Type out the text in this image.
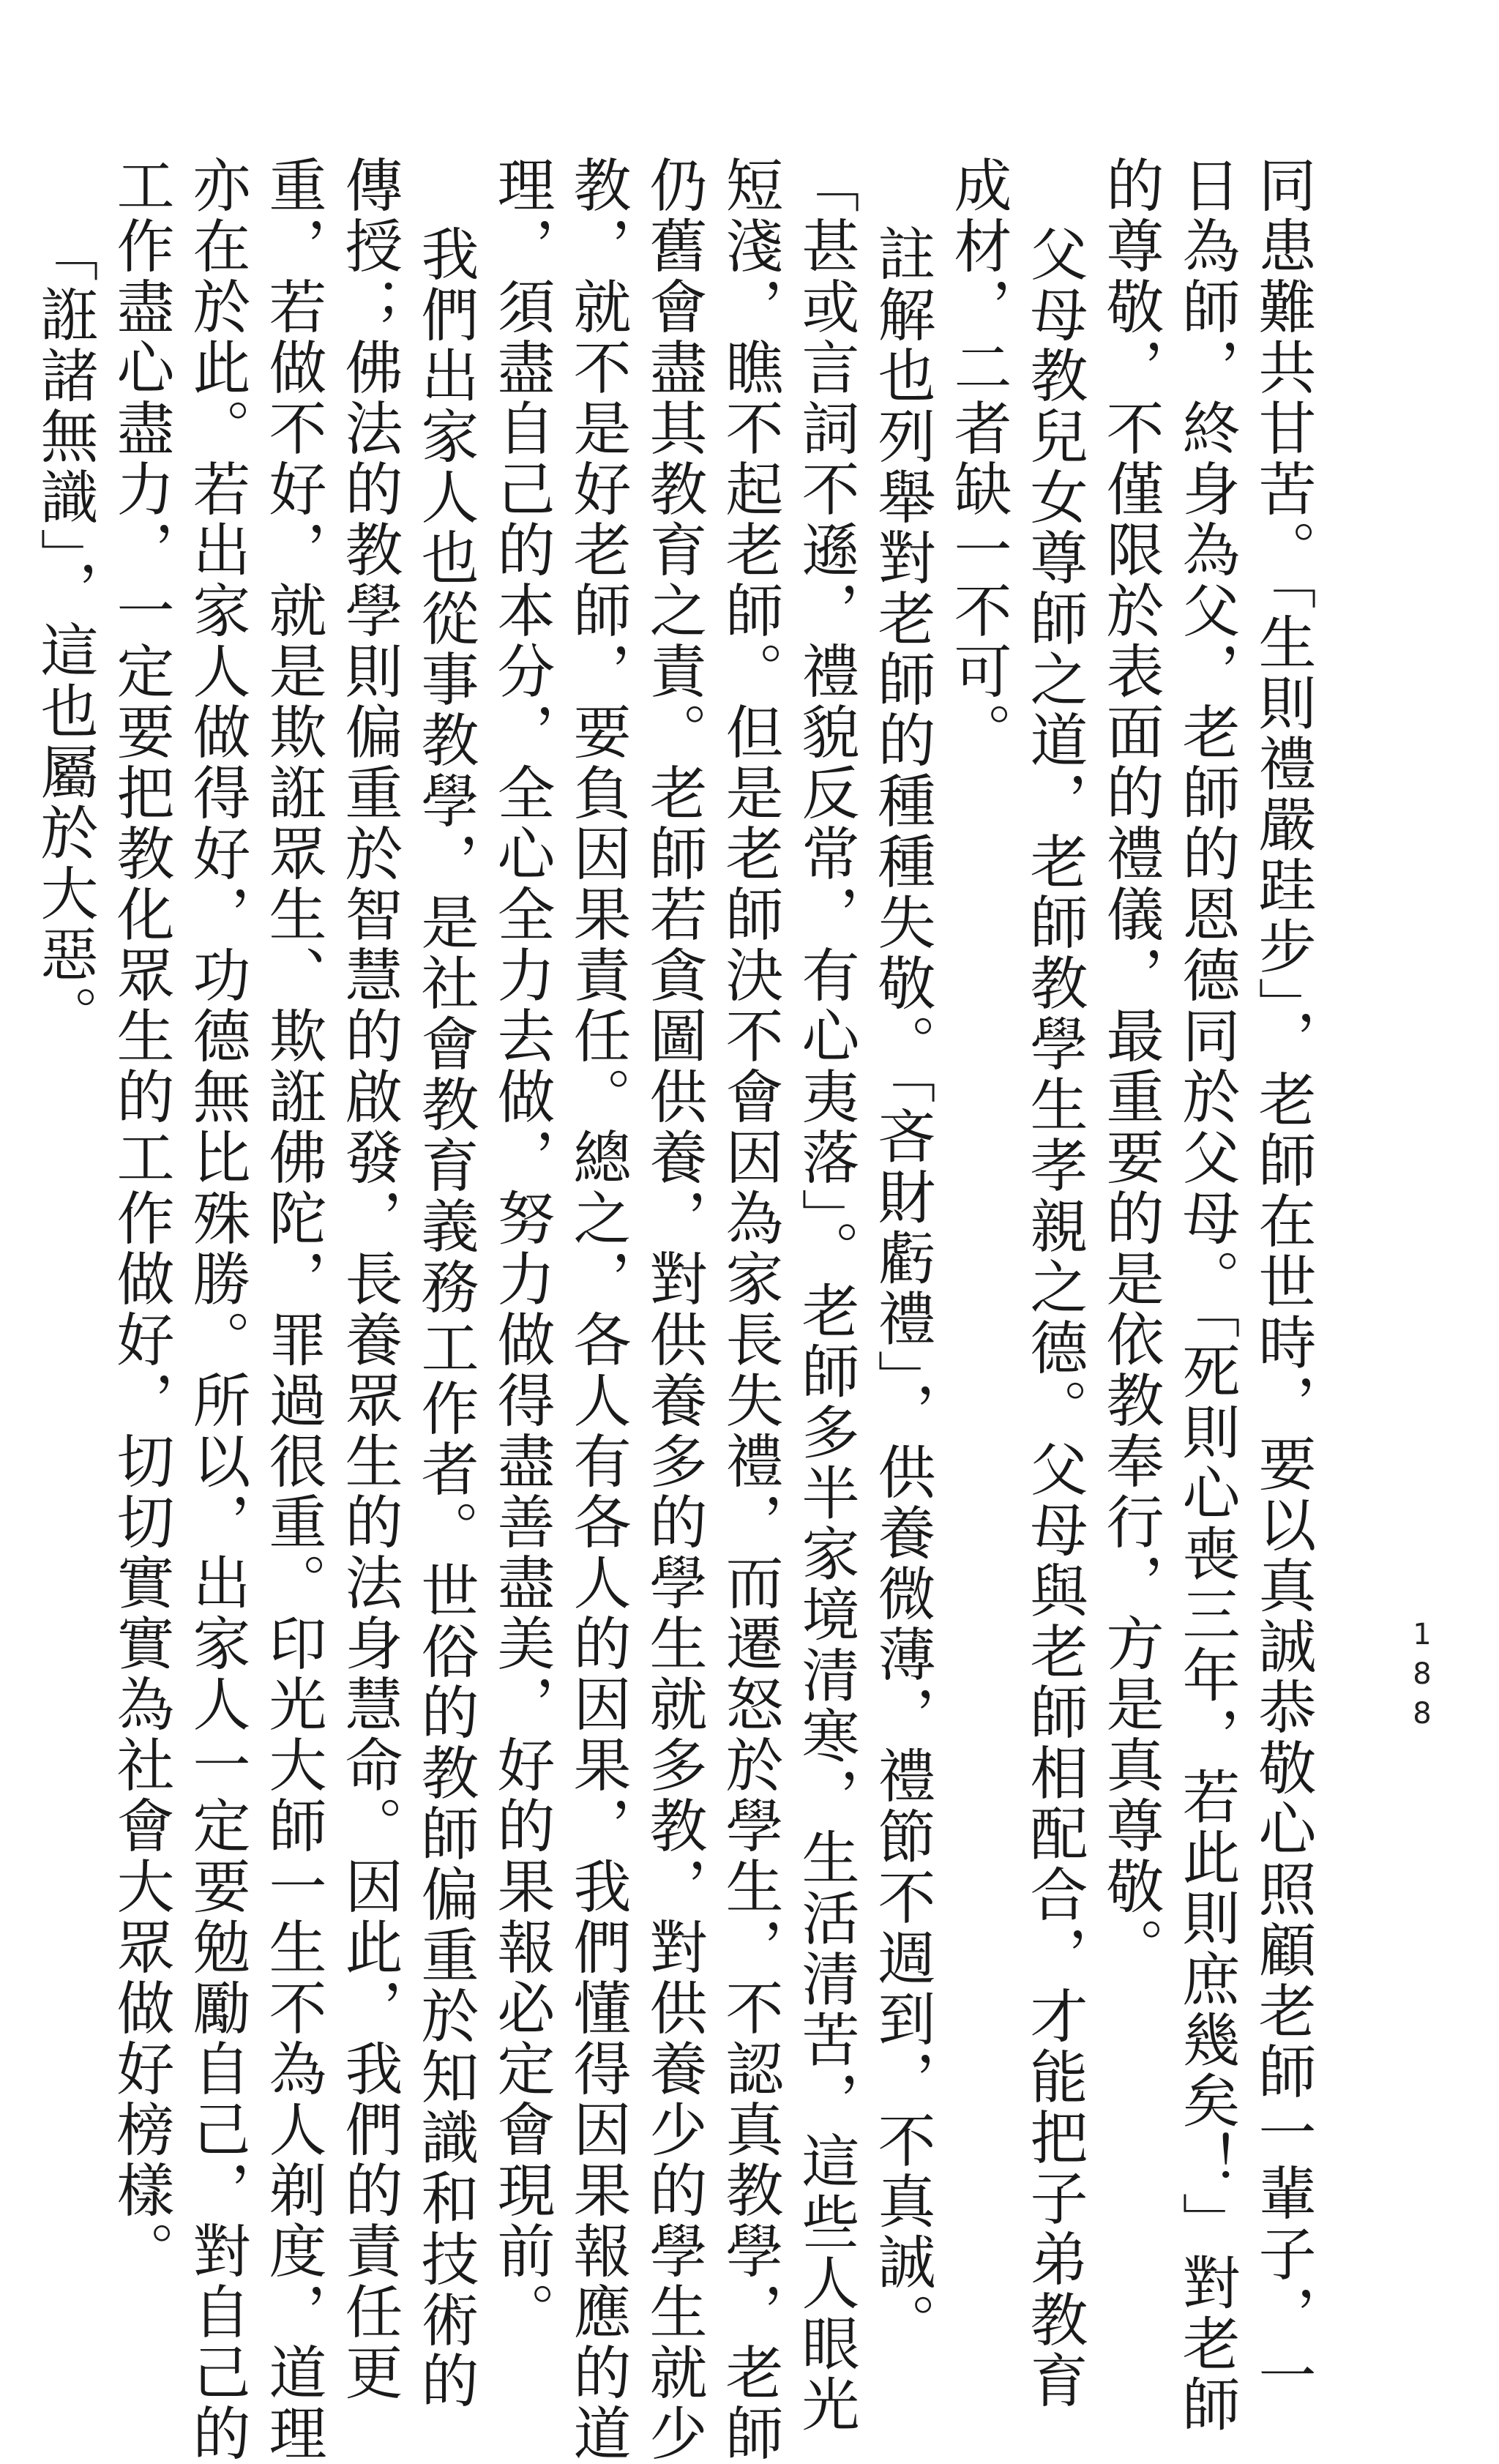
188

同患難共甘苦。「生則禮嚴跬步」，老師在世時，要以真誠恭敬心照顧老師一輩子，一

日為師，終身為父，老師的恩德同於父母。「死則心喪三年，若此則庶幾矣！」對老師

的尊敬，不僅限於表面的禮儀，最重要的是依教奉行，方是真尊敬。

父母教兒女尊師之道，老師教學生孝親之德。父母與老師相配合，才能把子弟教育

成材，二者缺一不可。

註解也列舉對老師的種種失敬。「吝財虧禮」，供養微薄，禮節不週到，不真誠。

「甚或言詞不遜，禮貌反常，有心夷落」。老師多半家境清寒，生活清苦，這些人眼光

短淺，瞧不起老師。但是老師決不會因為家長失禮，而遷怒於學生，不認真教學，老師

仍舊會盡其教育之責。老師若貪圖供養，對供養多的學生就多教，對供養少的學生就少

教，就不是好老師，要負因果責任。總之，各人有各人的因果，我們懂得因果報應的道

理，須盡自己的本分，全心全力去做，努力做得盡善盡美，好的果報必定會現前。

我們出家人也從事教學，是社會教育義務工作者。世俗的教師偏重於知識和技術的

傳授；佛法的教學則偏重於智慧的啟發，長養眾生的法身慧命。因此，我們的責任更

重，若做不好，就是欺誑眾生、欺誑佛陀，罪過很重。印光大師一生不為人剃度，道理

亦在於此。若出家人做得好，功德無比殊勝。所以，出家人一定要勉勵自己，對自己的

工作盡心盡力，一定要把教化眾生的工作做好，切切實實為社會大眾做好榜樣。

「誑諸無識」，這也屬於大惡。
